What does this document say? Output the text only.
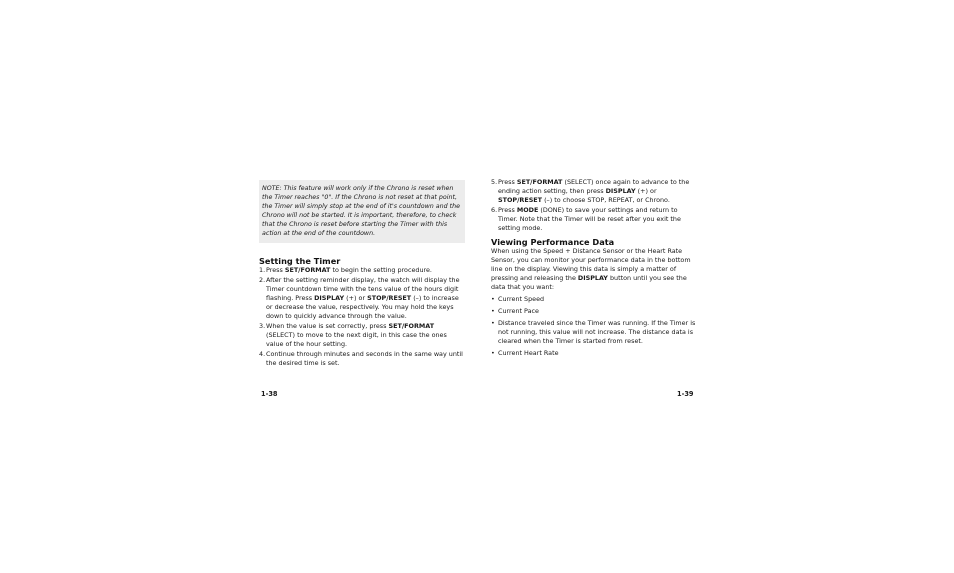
NOTE: This feature will work only if the Chrono is reset when the Timer reaches "0". If the Chrono is not reset at that point, the Timer will simply stop at the end of it's countdown and the Chrono will not be started. It is important, therefore, to check that the Chrono is reset before starting the Timer with this action at the end of the countdown.
Setting the Timer
1. Press SET/FORMAT to begin the setting procedure.
2. After the setting reminder display, the watch will display the Timer countdown time with the tens value of the hours digit flashing. Press DISPLAY (+) or STOP/RESET (–) to increase or decrease the value, respectively. You may hold the keys down to quickly advance through the value.
3. When the value is set correctly, press SET/FORMAT (SELECT) to move to the next digit, in this case the ones value of the hour setting.
4. Continue through minutes and seconds in the same way until the desired time is set.
5. Press SET/FORMAT (SELECT) once again to advance to the ending action setting, then press DISPLAY (+) or STOP/RESET (–) to choose STOP, REPEAT, or Chrono.
6. Press MODE (DONE) to save your settings and return to Timer. Note that the Timer will be reset after you exit the setting mode.
Viewing Performance Data

When using the Speed + Distance Sensor or the Heart Rate Sensor, you can monitor your performance data in the bottom line on the display. Viewing this data is simply a matter of pressing and releasing the DISPLAY button until you see the data that you want:

• Current Speed
• Current Pace
• Distance traveled since the Timer was running. If the Timer is not running, this value will not increase. The distance data is cleared when the Timer is started from reset.
• Current Heart Rate
1-38	1-39
